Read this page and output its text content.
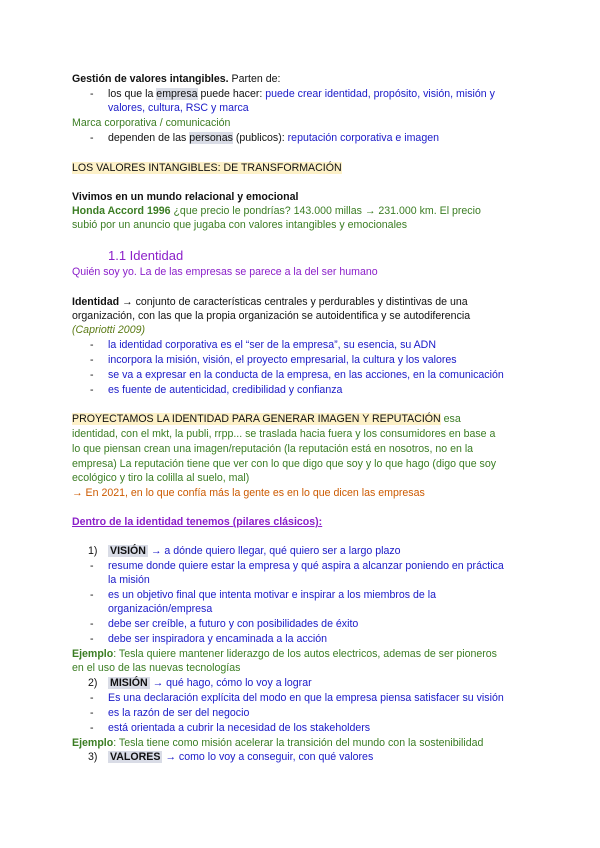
Gestión de valores intangibles. Parten de:
- los que la empresa puede hacer: puede crear identidad, propósito, visión, misión y
valores, cultura, RSC y marca
Marca corporativa / comunicación
- dependen de las personas (publicos): reputación corporativa e imagen
LOS VALORES INTANGIBLES: DE TRANSFORMACIÓN
Vivimos en un mundo relacional y emocional
Honda Accord 1996 ¿que precio le pondrías? 143.000 millas → 231.000 km. El precio
subió por un anuncio que jugaba con valores intangibles y emocionales
1.1 Identidad
Quién soy yo. La de las empresas se parece a la del ser humano
Identidad → conjunto de características centrales y perdurables y distintivas de una
organización, con las que la propia organización se autoidentifica y se autodiferencia
(Capriotti 2009)
- la identidad corporativa es el “ser de la empresa”, su esencia, su ADN
- incorpora la misión, visión, el proyecto empresarial, la cultura y los valores
- se va a expresar en la conducta de la empresa, en las acciones, en la comunicación
- es fuente de autenticidad, credibilidad y confianza
PROYECTAMOS LA IDENTIDAD PARA GENERAR IMAGEN Y REPUTACIÓN esa
identidad, con el mkt, la publi, rrpp... se traslada hacia fuera y los consumidores en base a
lo que piensan crean una imagen/reputación (la reputación está en nosotros, no en la
empresa) La reputación tiene que ver con lo que digo que soy y lo que hago (digo que soy
ecológico y tiro la colilla al suelo, mal)
→ En 2021, en lo que confía más la gente es en lo que dicen las empresas
Dentro de la identidad tenemos (pilares clásicos):
1) VISIÓN → a dónde quiero llegar, qué quiero ser a largo plazo
- resume donde quiere estar la empresa y qué aspira a alcanzar poniendo en práctica
la misión
- es un objetivo final que intenta motivar e inspirar a los miembros de la
organización/empresa
- debe ser creíble, a futuro y con posibilidades de éxito
- debe ser inspiradora y encaminada a la acción
Ejemplo: Tesla quiere mantener liderazgo de los autos electricos, ademas de ser pioneros
en el uso de las nuevas tecnologías
2) MISIÓN → qué hago, cómo lo voy a lograr
- Es una declaración explícita del modo en que la empresa piensa satisfacer su visión
- es la razón de ser del negocio
- está orientada a cubrir la necesidad de los stakeholders
Ejemplo: Tesla tiene como misión acelerar la transición del mundo con la sostenibilidad
3) VALORES → como lo voy a conseguir, con qué valores
